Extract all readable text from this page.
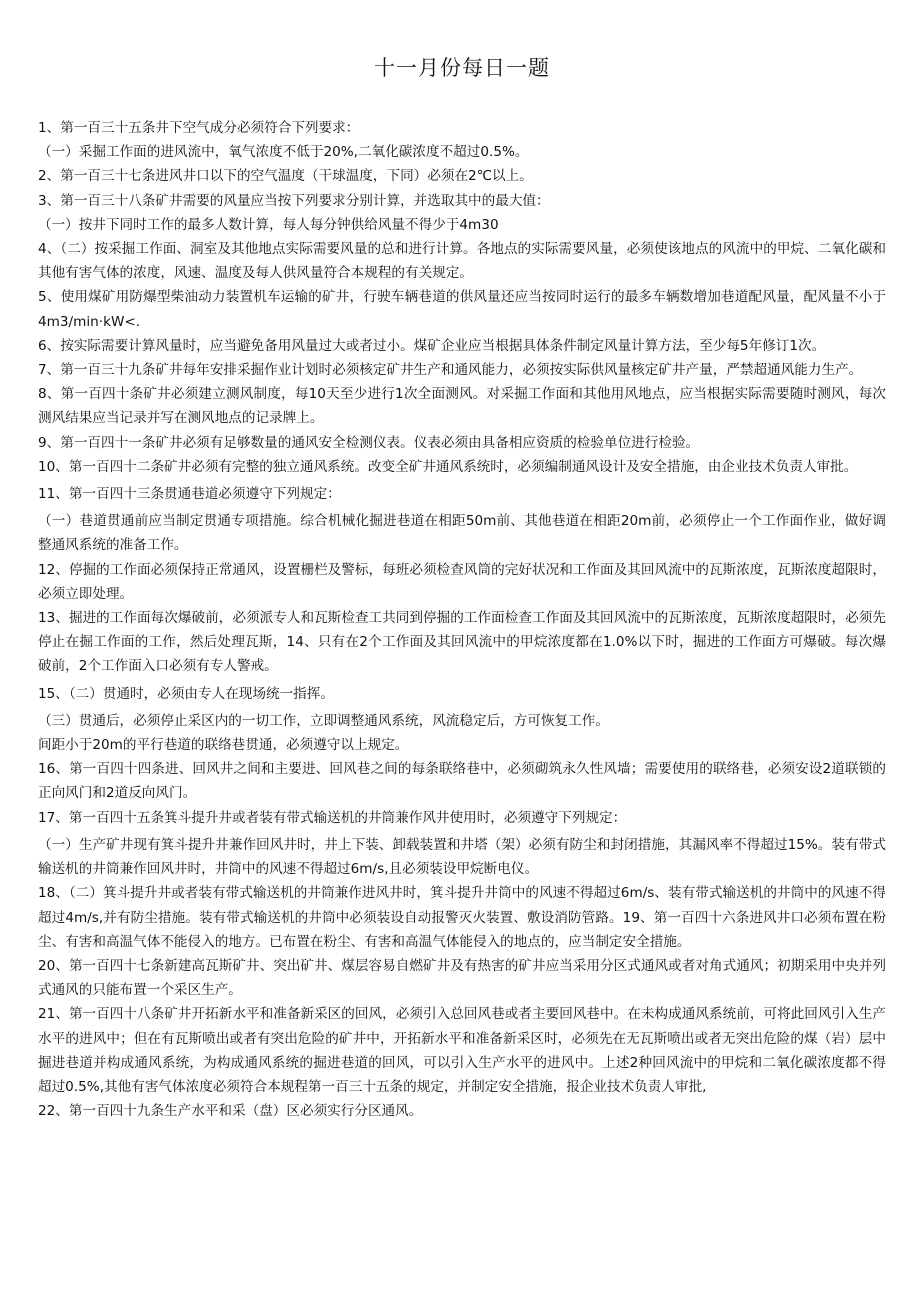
十一月份每日一题

1、第一百三十五条井下空气成分必须符合下列要求：

（一）采掘工作面的进风流中，氧气浓度不低于20%,二氧化碳浓度不超过0.5%。

2、第一百三十七条进风井口以下的空气温度（干球温度，下同）必须在2℃以上。

3、第一百三十八条矿井需要的风量应当按下列要求分别计算，并选取其中的最大值：

（一）按井下同时工作的最多人数计算，每人每分钟供给风量不得少于4m30

4、（二）按采掘工作面、洞室及其他地点实际需要风量的总和进行计算。各地点的实际需要风量，必须使该地点的风流中的甲烷、二氧化碳和其他有害气体的浓度，风速、温度及每人供风量符合本规程的有关规定。

5、使用煤矿用防爆型柴油动力装置机车运输的矿井，行驶车辆巷道的供风量还应当按同时运行的最多车辆数增加巷道配风量，配风量不小于4m3∕min·kW<.

6、按实际需要计算风量时，应当避免备用风量过大或者过小。煤矿企业应当根据具体条件制定风量计算方法，至少每5年修订1次。

7、第一百三十九条矿井每年安排采掘作业计划时必须核定矿井生产和通风能力，必须按实际供风量核定矿井产量，严禁超通风能力生产。

8、第一百四十条矿井必须建立测风制度，每10天至少进行1次全面测风。对采掘工作面和其他用风地点，应当根据实际需要随时测风，每次测风结果应当记录并写在测风地点的记录牌上。

9、第一百四十一条矿井必须有足够数量的通风安全检测仪表。仪表必须由具备相应资质的检验单位进行检验。

10、第一百四十二条矿井必须有完整的独立通风系统。改变全矿井通风系统时，必须编制通风设计及安全措施，由企业技术负责人审批。

11、第一百四十三条贯通巷道必须遵守下列规定：

（一）巷道贯通前应当制定贯通专项措施。综合机械化掘进巷道在相距50m前、其他巷道在相距20m前，必须停止一个工作面作业，做好调整通风系统的准备工作。

12、停掘的工作面必须保持正常通风，设置栅栏及警标，每班必须检查风筒的完好状况和工作面及其回风流中的瓦斯浓度，瓦斯浓度超限时，必须立即处理。

13、掘进的工作面每次爆破前，必须派专人和瓦斯检查工共同到停掘的工作面检查工作面及其回风流中的瓦斯浓度，瓦斯浓度超限时，必须先停止在掘工作面的工作，然后处理瓦斯，14、只有在2个工作面及其回风流中的甲烷浓度都在1.0%以下时，掘进的工作面方可爆破。每次爆破前，2个工作面入口必须有专人警戒。

15、（二）贯通时，必须由专人在现场统一指挥。

（三）贯通后，必须停止采区内的一切工作，立即调整通风系统，风流稳定后，方可恢复工作。

间距小于20m的平行巷道的联络巷贯通，必须遵守以上规定。

16、第一百四十四条进、回风井之间和主要进、回风巷之间的每条联络巷中，必须砌筑永久性风墙；需要使用的联络巷，必须安设2道联锁的正向风门和2道反向风门。

17、第一百四十五条箕斗提升井或者装有带式输送机的井筒兼作风井使用时，必须遵守下列规定：

（一）生产矿井现有箕斗提升井兼作回风井时，井上下装、卸载装置和井塔（架）必须有防尘和封闭措施，其漏风率不得超过15%。装有带式输送机的井筒兼作回风井时，井筒中的风速不得超过6m∕s,且必须装设甲烷断电仪。

18、（二）箕斗提升井或者装有带式输送机的井筒兼作进风井时，箕斗提升井筒中的风速不得超过6m/s、装有带式输送机的井筒中的风速不得超过4m∕s,并有防尘措施。装有带式输送机的井筒中必须装设自动报警灭火装置、敷设消防管路。19、第一百四十六条进风井口必须布置在粉尘、有害和高温气体不能侵入的地方。已布置在粉尘、有害和高温气体能侵入的地点的，应当制定安全措施。

20、第一百四十七条新建高瓦斯矿井、突出矿井、煤层容易自燃矿井及有热害的矿井应当采用分区式通风或者对角式通风；初期采用中央并列式通风的只能布置一个采区生产。

21、第一百四十八条矿井开拓新水平和准备新采区的回风，必须引入总回风巷或者主要回风巷中。在未构成通风系统前，可将此回风引入生产水平的进风中；但在有瓦斯喷出或者有突出危险的矿井中，开拓新水平和准备新采区时，必须先在无瓦斯喷出或者无突出危险的煤（岩）层中掘进巷道并构成通风系统，为构成通风系统的掘进巷道的回风，可以引入生产水平的进风中。上述2种回风流中的甲烷和二氧化碳浓度都不得超过0.5%,其他有害气体浓度必须符合本规程第一百三十五条的规定，并制定安全措施，报企业技术负责人审批,

22、第一百四十九条生产水平和采（盘）区必须实行分区通风。
